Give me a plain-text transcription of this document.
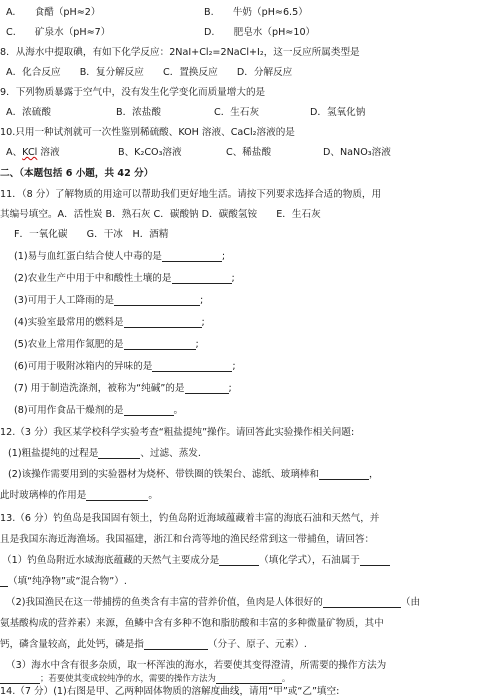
A.　　食醋（pH≈2）	B.　　牛奶（pH≈6.5）
C.　　矿泉水（pH≈7）	D.　　肥皂水（pH≈10）
8．从海水中提取碘，有如下化学反应：2NaI+Cl₂=2NaCl+I₂，这一反应所属类型是
A．化合反应　　B．复分解反应　　C．置换反应　　D．分解反应
9．下列物质暴露于空气中，没有发生化学变化而质量增大的是
A．浓硫酸	B．浓盐酸	C．生石灰	D．氢氧化钠
10.只用一种试剂就可一次性鉴别稀硫酸、KOH 溶液、CaCl₂溶液的是
A、KCl 溶液	B、K₂CO₃溶液	C、稀盐酸	D、NaNO₃溶液
二、（本题包括 6 小题，共 42 分）
11．（8 分）了解物质的用途可以帮助我们更好地生活。请按下列要求选择合适的物质，用
其编号填空。A．活性炭 B．熟石灰 C．碳酸钠 D．碳酸氢铵　　E．生石灰
F．一氧化碳　　G．干冰　H．酒精
(1)易与血红蛋白结合使人中毒的是	;
(2)农业生产中用于中和酸性土壤的是	;
(3)可用于人工降雨的是	;
(4)实验室最常用的燃料是	;
(5)农业上常用作氮肥的是	;
(6)可用于吸附冰箱内的异味的是	;
(7) 用于制造洗涤剂，被称为“纯碱”的是	;
(8)可用作食品干燥剂的是	。
12.（3 分）我区某学校科学实验考查“粗盐提纯”操作。请回答此实验操作相关问题:
(1)粗盐提纯的过程是	、过滤、蒸发.
(2)该操作需要用到的实验器材为烧杯、带铁圈的铁架台、滤纸、玻璃棒和	，
此时玻璃棒的作用是	。
13.（6 分）钓鱼岛是我国固有领土，钓鱼岛附近海域蕴藏着丰富的海底石油和天然气，并
且是我国东海近海渔场。我国福建，浙江和台湾等地的渔民经常到这一带捕鱼，请回答：
（1）钓鱼岛附近水域海底蕴藏的天然气主要成分是	（填化学式），石油属于
（填“纯净物”或“混合物”）.
（2)我国渔民在这一带捕捞的鱼类含有丰富的营养价值，鱼肉是人体很好的	（由
氨基酸构成的营养素）来源，鱼鳞中含有多种不饱和脂肪酸和丰富的多种微量矿物质，其中
钙，磷含量较高，此处钙，磷是指	（分子、原子、元素）.
（3）海水中含有很多杂质，取一杯浑浊的海水，若要使其变得澄清，所需要的操作方法为
；若要使其变成较纯净的水，需要的操作方法为	。
14.（7 分）(1)右图是甲、乙两种固体物质的溶解度曲线，请用“甲”或“乙”填空:
